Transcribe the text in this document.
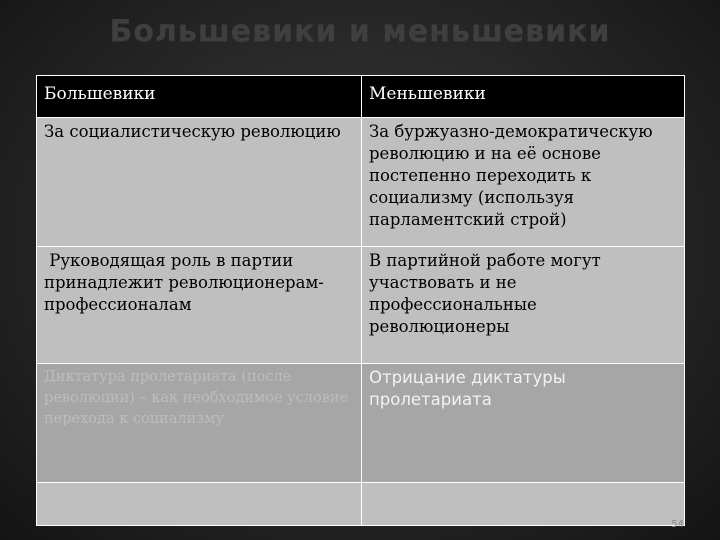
Большевики и меньшевики
Большевики	Меньшевики
За социалистическую революцию	За буржуазно-демократическую революцию и на её основе постепенно переходить к социализму (используя парламентский строй)
Руководящая роль в партии принадлежит революционерам-профессионалам	В партийной работе могут участвовать и не профессиональные революционеры
Диктатура пролетариата (после революции) – как необходимое условие перехода к социализму	Отрицание диктатуры пролетариата

54
